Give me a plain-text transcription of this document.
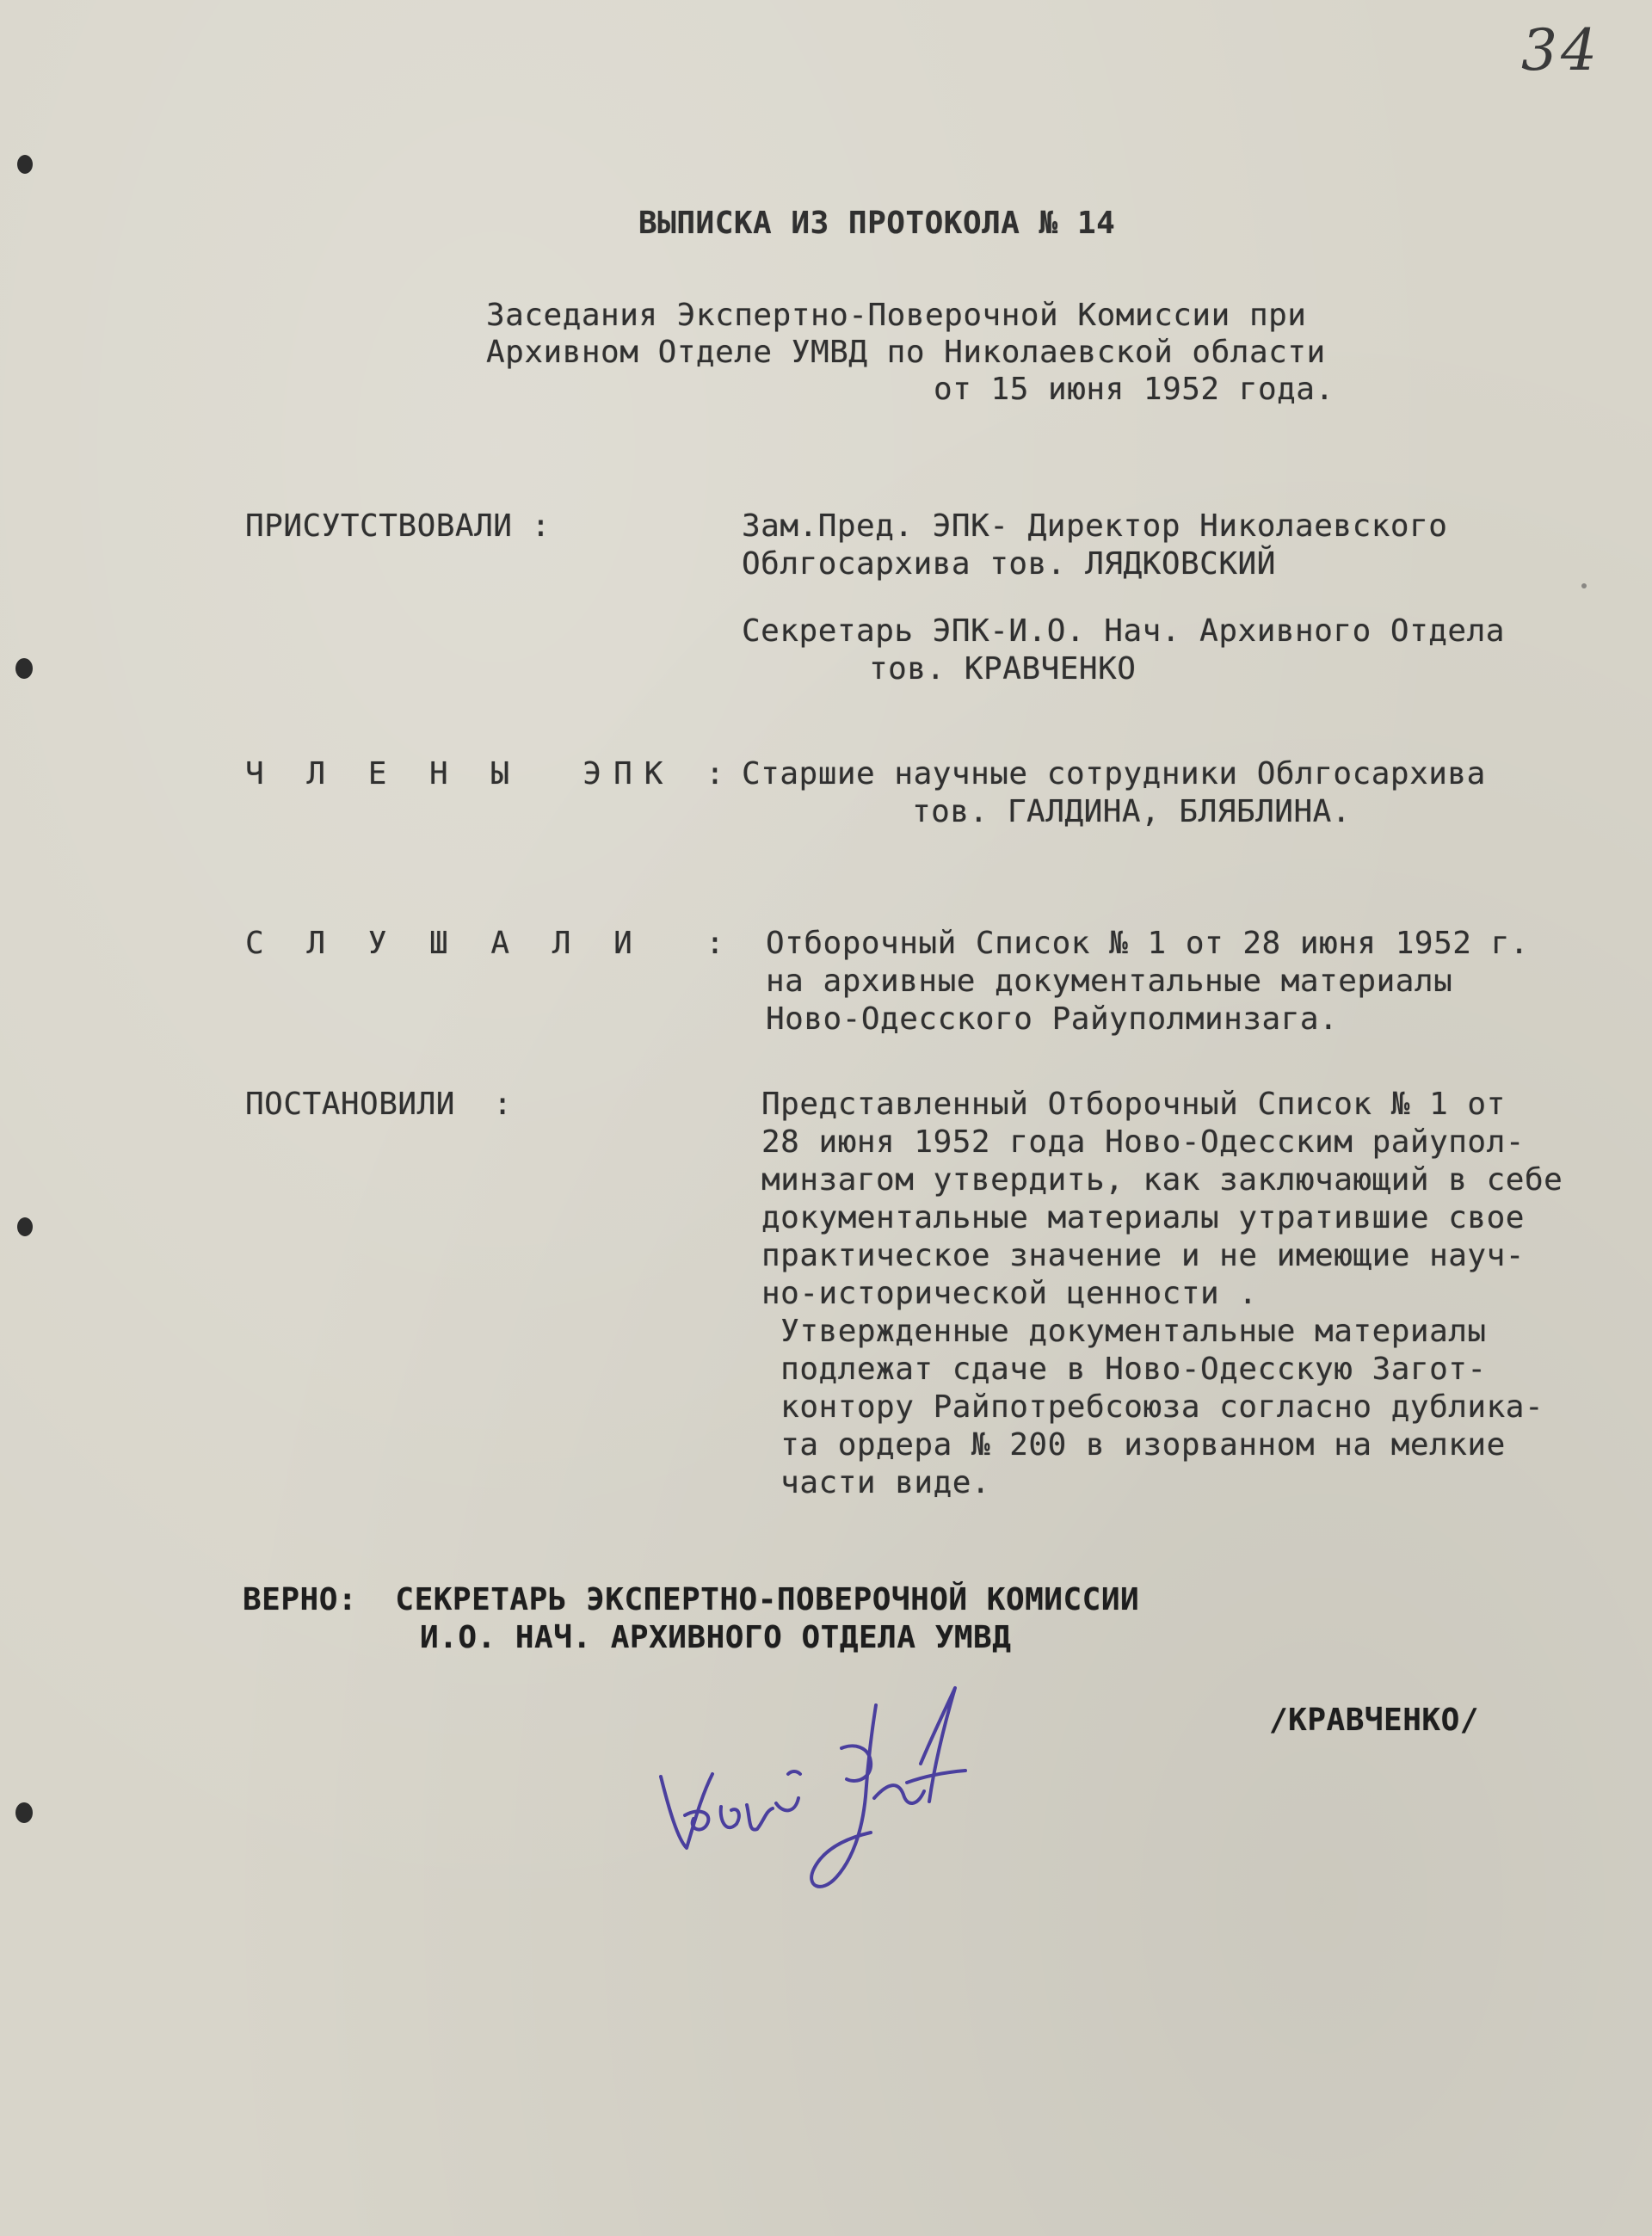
34
ВЫПИСКА ИЗ ПРОТОКОЛА № 14
Заседания Экспертно-Поверочной Комиссии при
Архивном Отделе УМВД по Николаевской области
от 15 июня 1952 года.
ПРИСУТСТВОВАЛИ :	Зам.Пред. ЭПК- Директор Николаевского
Облгосархива тов. ЛЯДКОВСКИЙ
Секретарь ЭПК-И.О. Нач. Архивного Отдела
тов. КРАВЧЕНКО
Ч Л Е Н Ы  ЭПК : Старшие научные сотрудники Облгосархива
тов. ГАЛДИНА, БЛЯБЛИНА.
С Л У Ш А Л И  : Отборочный Список № 1 от 28 июня 1952 г.
на архивные документальные материалы
Ново-Одесского Райуполминзага.
ПОСТАНОВИЛИ  :	Представленный Отборочный Список № 1 от
28 июня 1952 года Ново-Одесским райупол-
минзагом утвердить, как заключающий в себе
документальные материалы утратившие свое
практическое значение и не имеющие науч-
но-исторической ценности .
Утвержденные документальные материалы
подлежат сдаче в Ново-Одесскую Загот-
контору Райпотребсоюза согласно дублика-
та ордера № 200 в изорванном на мелкие
части виде.
ВЕРНО:  СЕКРЕТАРЬ ЭКСПЕРТНО-ПОВЕРОЧНОЙ КОМИССИИ
И.О. НАЧ. АРХИВНОГО ОТДЕЛА УМВД
/КРАВЧЕНКО/
